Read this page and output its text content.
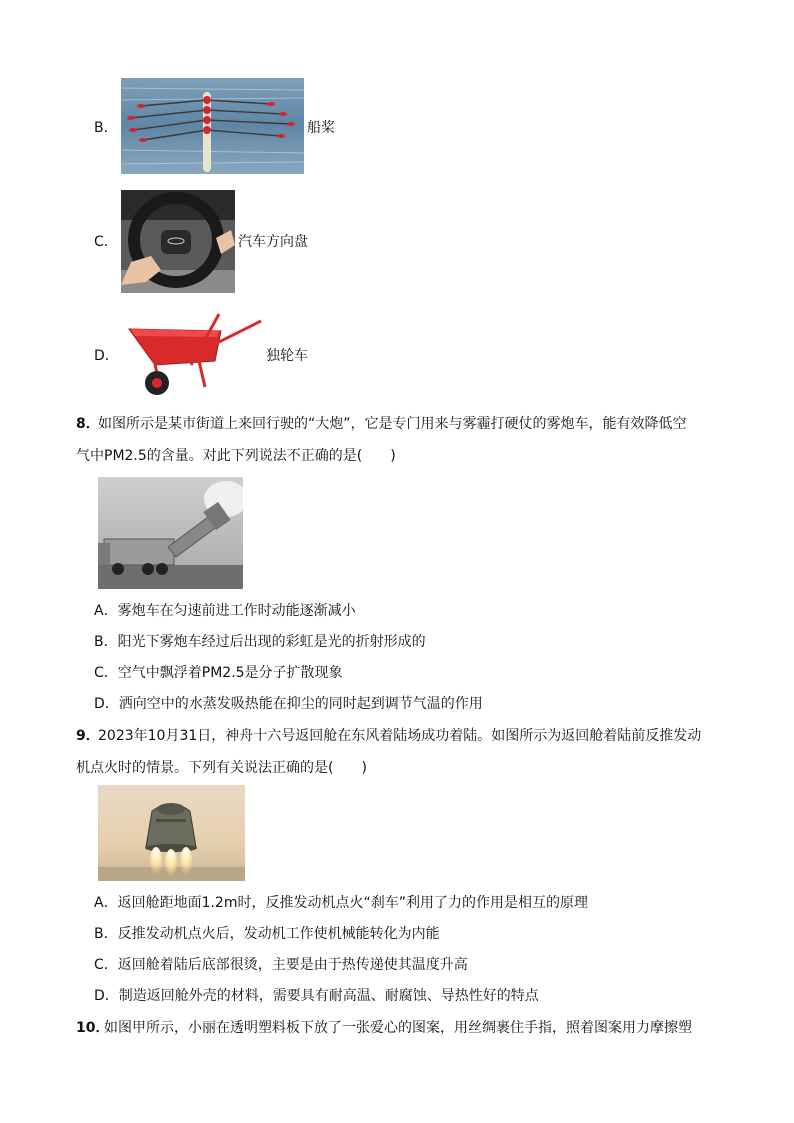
B．	船桨
C．	汽车方向盘
D．	独轮车
8．
如图所示是某市街道上来回行驶的“大炮”，它是专门用来与雾霾打硬仗的雾炮车，能有效降低空
气中PM2.5的含量。对此下列说法不正确的是(　　)
A．雾炮车在匀速前进工作时动能逐渐减小
B．阳光下雾炮车经过后出现的彩虹是光的折射形成的
C．空气中飘浮着PM2.5是分子扩散现象
D．洒向空中的水蒸发吸热能在抑尘的同时起到调节气温的作用
9．
2023年10月31日，神舟十六号返回舱在东风着陆场成功着陆。如图所示为返回舱着陆前反推发动
机点火时的情景。下列有关说法正确的是(　　)
A．返回舱距地面1.2m时，反推发动机点火“刹车”利用了力的作用是相互的原理
B．反推发动机点火后，发动机工作使机械能转化为内能
C．返回舱着陆后底部很烫，主要是由于热传递使其温度升高
D．制造返回舱外壳的材料，需要具有耐高温、耐腐蚀、导热性好的特点
10．
如图甲所示，小丽在透明塑料板下放了一张爱心的图案，用丝绸裹住手指，照着图案用力摩擦塑
